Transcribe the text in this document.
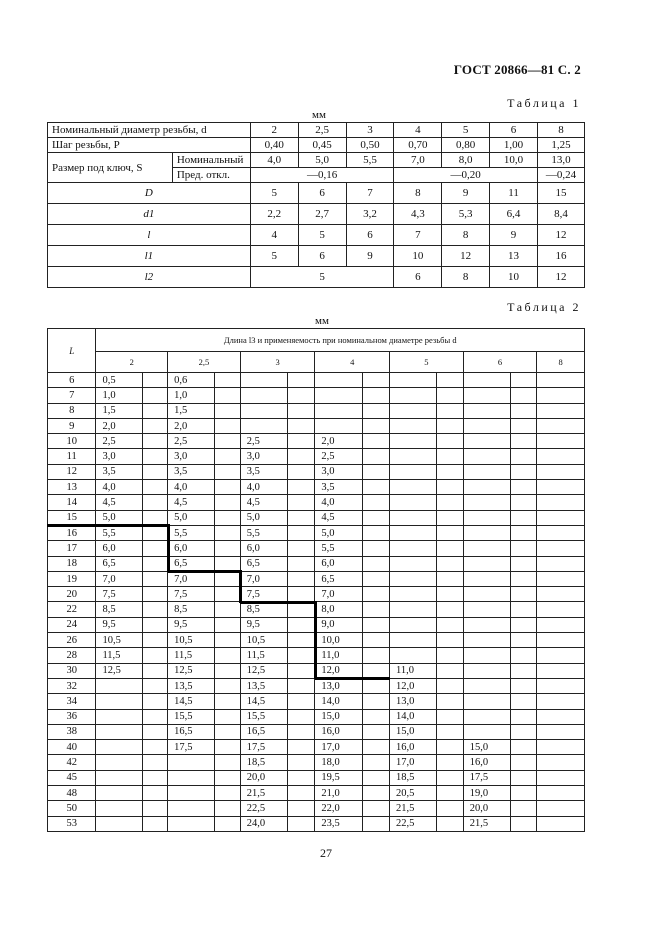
ГОСТ 20866—81 С. 2
Таблица 1
мм
Номинальный диаметр резьбы, d		2	2,5	3	4	5	6	8
Шаг резьбы, P		0,40	0,45	0,50	0,70	0,80	1,00	1,25
Размер под ключ, S	Номинальный	4,0	5,0	5,5	7,0	8,0	10,0	13,0
	Пред. откл.	—0,16			—0,20			—0,24
D		5	6	7	8	9	11	15
d1		2,2	2,7	3,2	4,3	5,3	6,4	8,4
l		4	5	6	7	8	9	12
l1		5	6	9	10	12	13	16
l2		5			6	8	10	12
Таблица 2
мм
L	Длина l3 и применяемость при номинальном диаметре резьбы d												
	2		2,5		3		4		5		6		8
6	0,5		0,6										
7	1,0		1,0										
8	1,5		1,5										
9	2,0		2,0										
10	2,5		2,5		2,5		2,0						
11	3,0		3,0		3,0		2,5						
12	3,5		3,5		3,5		3,0						
13	4,0		4,0		4,0		3,5						
14	4,5		4,5		4,5		4,0						
15	5,0		5,0		5,0		4,5						
16	5,5		5,5		5,5		5,0						
17	6,0		6,0		6,0		5,5						
18	6,5		6,5		6,5		6,0						
19	7,0		7,0		7,0		6,5						
20	7,5		7,5		7,5		7,0						
22	8,5		8,5		8,5		8,0						
24	9,5		9,5		9,5		9,0						
26	10,5		10,5		10,5		10,0						
28	11,5		11,5		11,5		11,0						
30	12,5		12,5		12,5		12,0		11,0				
32			13,5		13,5		13,0		12,0				
34			14,5		14,5		14,0		13,0				
36			15,5		15,5		15,0		14,0				
38			16,5		16,5		16,0		15,0				
40			17,5		17,5		17,0		16,0		15,0		
42					18,5		18,0		17,0		16,0		
45					20,0		19,5		18,5		17,5		
48					21,5		21,0		20,5		19,0		
50					22,5		22,0		21,5		20,0		
53					24,0		23,5		22,5		21,5		
27
